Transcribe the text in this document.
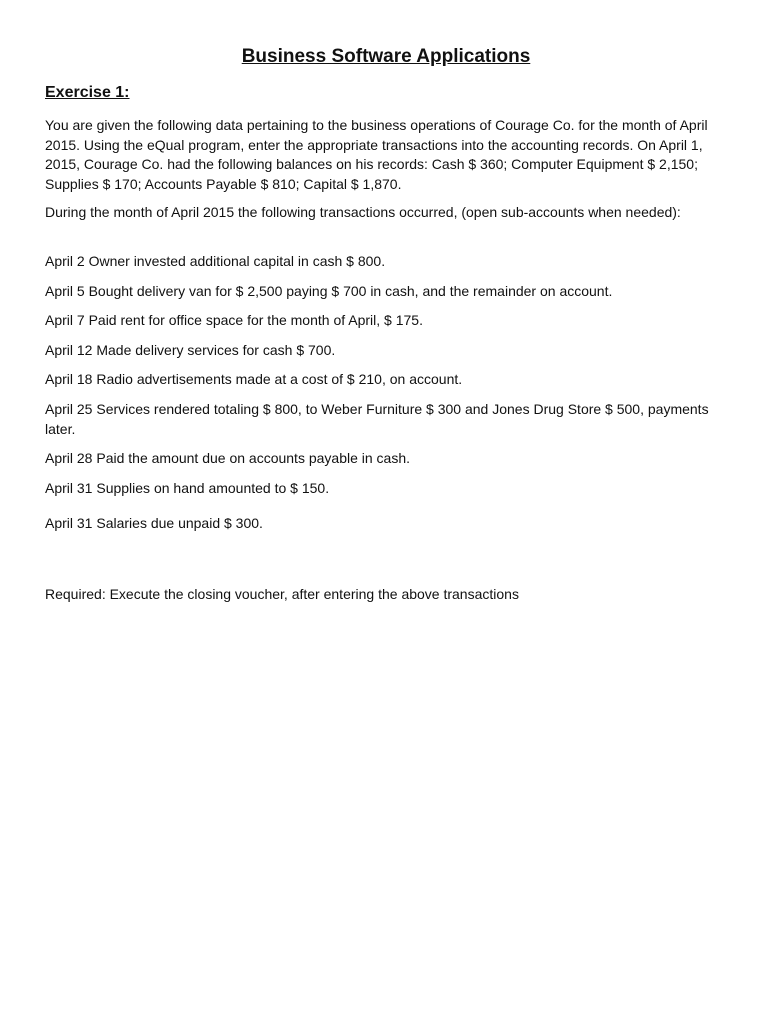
Business Software Applications
Exercise 1:

You are given the following data pertaining to the business operations of Courage Co. for the month of April 2015. Using the eQual program, enter the appropriate transactions into the accounting records. On April 1, 2015, Courage Co. had the following balances on his records: Cash $ 360; Computer Equipment $ 2,150; Supplies $ 170; Accounts Payable $ 810; Capital $ 1,870.

During the month of April 2015 the following transactions occurred, (open sub-accounts when needed):

April 2 Owner invested additional capital in cash $ 800.

April 5 Bought delivery van for $ 2,500 paying $ 700 in cash, and the remainder on account.

April 7 Paid rent for office space for the month of April, $ 175.

April 12 Made delivery services for cash $ 700.

April 18 Radio advertisements made at a cost of $ 210, on account.

April 25 Services rendered totaling $ 800, to Weber Furniture $ 300 and Jones Drug Store $ 500, payments later.

April 28 Paid the amount due on accounts payable in cash.

April 31 Supplies on hand amounted to $ 150.

April 31 Salaries due unpaid $ 300.

Required: Execute the closing voucher, after entering the above transactions
